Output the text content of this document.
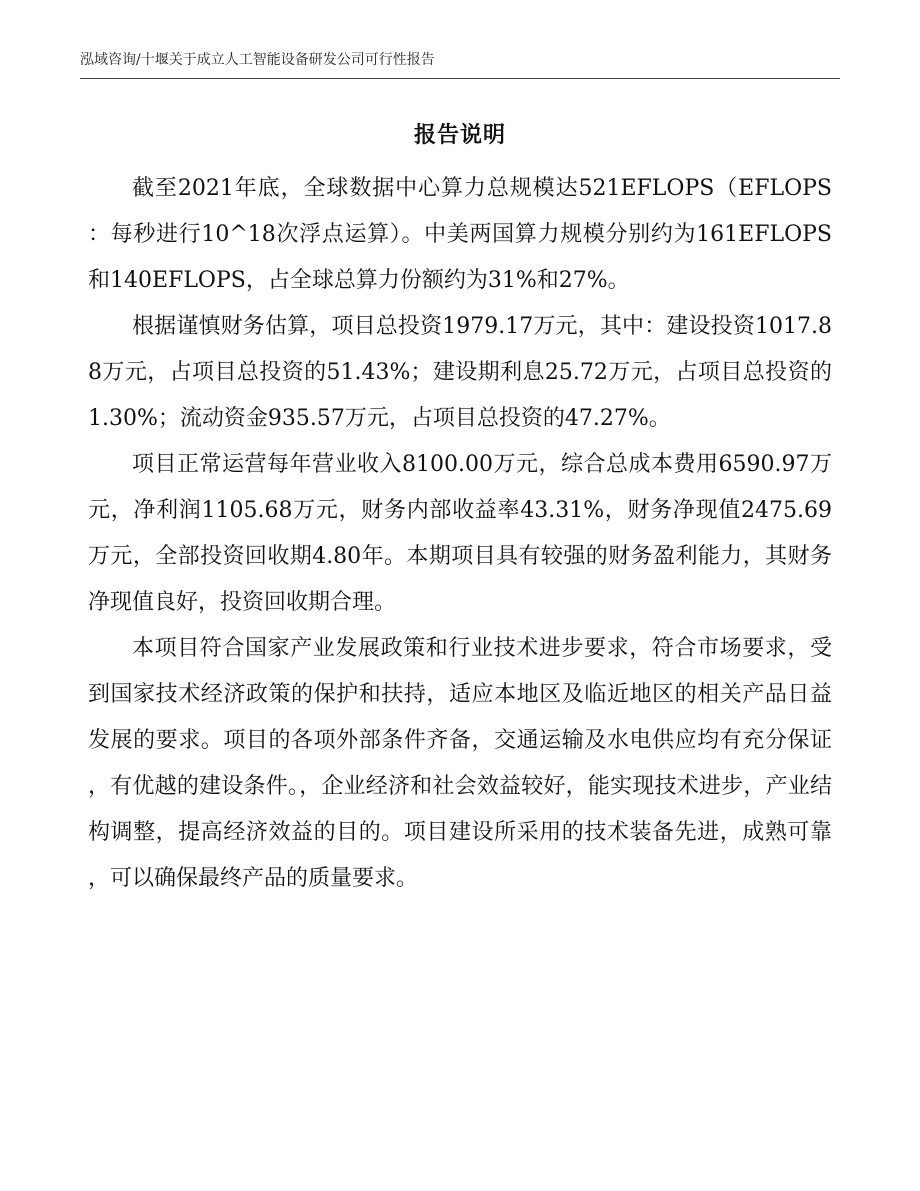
泓域咨询/十堰关于成立人工智能设备研发公司可行性报告
报告说明

截至2021年底，全球数据中心算力总规模达521EFLOPS（EFLOPS：每秒进行10^18次浮点运算）。中美两国算力规模分别约为161EFLOPS和140EFLOPS，占全球总算力份额约为31%和27%。

根据谨慎财务估算，项目总投资1979.17万元，其中：建设投资1017.88万元，占项目总投资的51.43%；建设期利息25.72万元，占项目总投资的1.30%；流动资金935.57万元，占项目总投资的47.27%。

项目正常运营每年营业收入8100.00万元，综合总成本费用6590.97万元，净利润1105.68万元，财务内部收益率43.31%，财务净现值2475.69万元，全部投资回收期4.80年。本期项目具有较强的财务盈利能力，其财务净现值良好，投资回收期合理。

本项目符合国家产业发展政策和行业技术进步要求，符合市场要求，受到国家技术经济政策的保护和扶持，适应本地区及临近地区的相关产品日益发展的要求。项目的各项外部条件齐备，交通运输及水电供应均有充分保证，有优越的建设条件。，企业经济和社会效益较好，能实现技术进步，产业结构调整，提高经济效益的目的。项目建设所采用的技术装备先进，成熟可靠，可以确保最终产品的质量要求。
